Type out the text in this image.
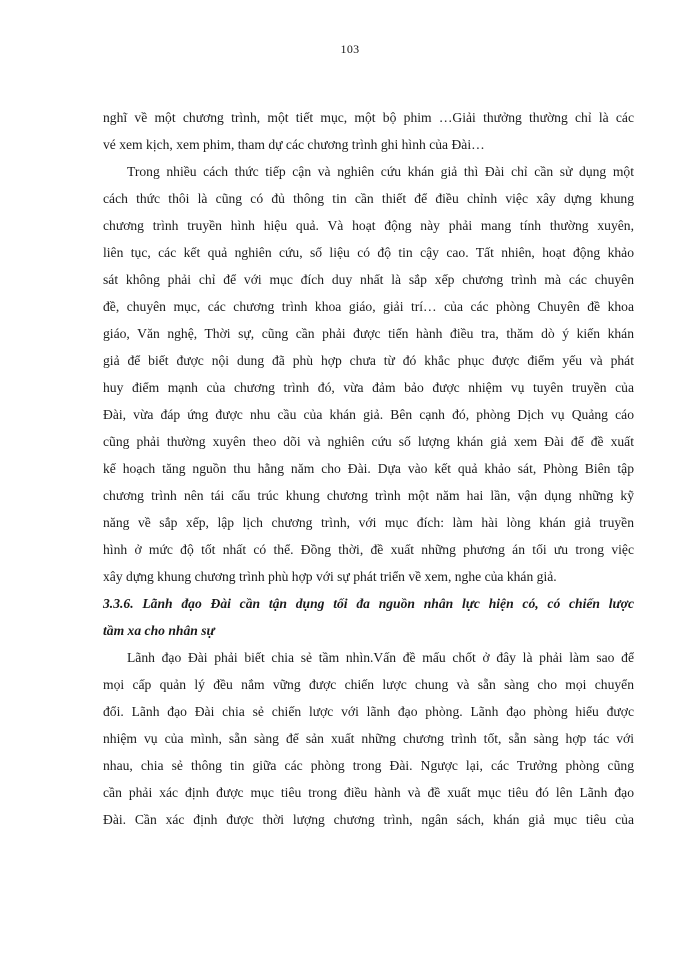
103
nghĩ về một chương trình, một tiết mục, một bộ phim …Giải thưởng thường chỉ là các
vé xem kịch, xem phim, tham dự các chương trình ghi hình của Đài…
Trong nhiều cách thức tiếp cận và nghiên cứu khán giả thì Đài chỉ cần sử dụng một
cách thức thôi là cũng có đủ thông tin cần thiết để điều chỉnh việc xây dựng khung
chương trình truyền hình hiệu quả. Và hoạt động này phải mang tính thường xuyên,
liên tục, các kết quả nghiên cứu, số liệu có độ tin cậy cao. Tất nhiên, hoạt động khảo
sát không phải chỉ để với mục đích duy nhất là sắp xếp chương trình mà các chuyên
đề, chuyên mục, các chương trình khoa giáo, giải trí… của các phòng Chuyên đề khoa
giáo, Văn nghệ, Thời sự, cũng cần phải được tiến hành điều tra, thăm dò ý kiến khán
giả để biết được nội dung đã phù hợp chưa từ đó khắc phục được điểm yếu và phát
huy điểm mạnh của chương trình đó, vừa đảm bảo được nhiệm vụ tuyên truyền của
Đài, vừa đáp ứng được nhu cầu của khán giả. Bên cạnh đó, phòng Dịch vụ Quảng cáo
cũng phải thường xuyên theo dõi và nghiên cứu số lượng khán giả xem Đài để đề xuất
kế hoạch tăng nguồn thu hằng năm cho Đài. Dựa vào kết quả khảo sát, Phòng Biên tập
chương trình nên tái cấu trúc khung chương trình một năm hai lần, vận dụng những kỹ
năng về sắp xếp, lập lịch chương trình, với mục đích: làm hài lòng khán giả truyền
hình ở mức độ tốt nhất có thể. Đồng thời, đề xuất những phương án tối ưu trong việc
xây dựng khung chương trình phù hợp với sự phát triển về xem, nghe của khán giả.
3.3.6. Lãnh đạo Đài cần tận dụng tối đa nguồn nhân lực hiện có, có chiến lược
tầm xa cho nhân sự
Lãnh đạo Đài phải biết chia sẻ tầm nhìn.Vấn đề mấu chốt ở đây là phải làm sao để
mọi cấp quản lý đều nắm vững được chiến lược chung và sẵn sàng cho mọi chuyển
đổi. Lãnh đạo Đài chia sẻ chiến lược với lãnh đạo phòng. Lãnh đạo phòng hiểu được
nhiệm vụ của mình, sẵn sàng để sản xuất những chương trình tốt, sẵn sàng hợp tác với
nhau, chia sẻ thông tin giữa các phòng trong Đài. Ngược lại, các Trưởng phòng cũng
cần phải xác định được mục tiêu trong điều hành và đề xuất mục tiêu đó lên Lãnh đạo
Đài. Cần xác định được thời lượng chương trình, ngân sách, khán giả mục tiêu của
